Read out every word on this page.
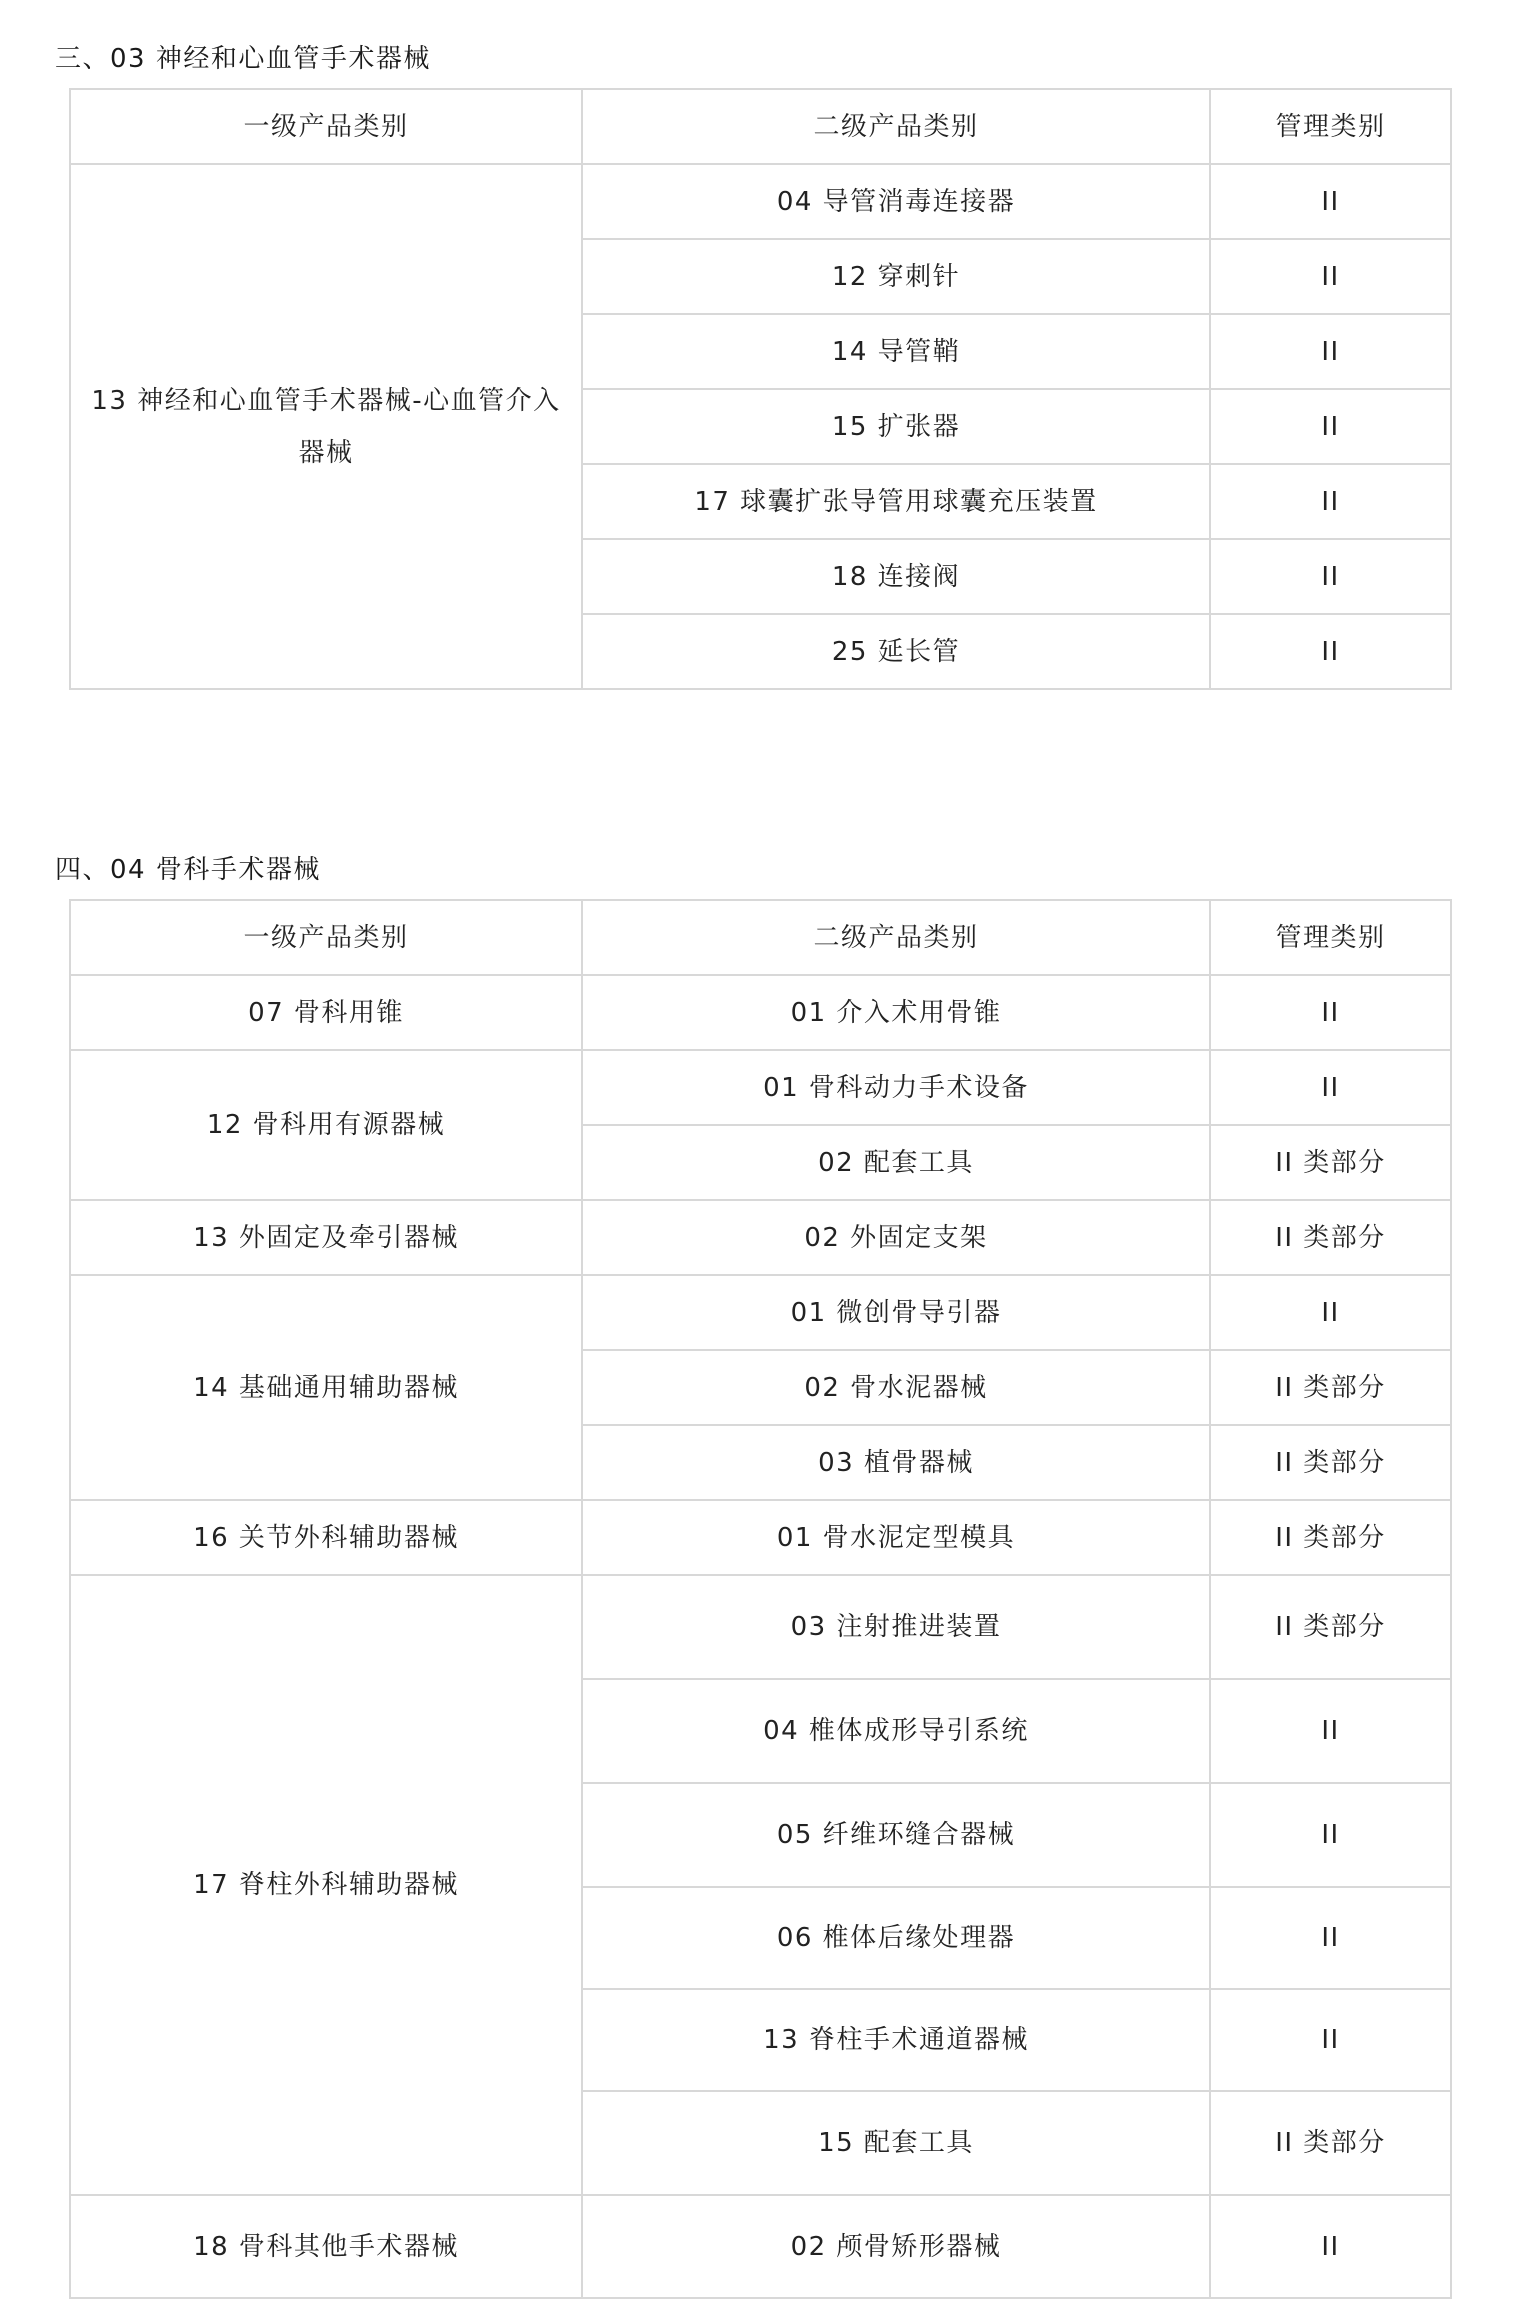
三、03 神经和心血管手术器械
一级产品类别	二级产品类别	管理类别
13 神经和心血管手术器械-心血管介入器械	04 导管消毒连接器	II
	12 穿刺针	II
	14 导管鞘	II
	15 扩张器	II
	17 球囊扩张导管用球囊充压装置	II
	18 连接阀	II
	25 延长管	II
四、04 骨科手术器械
一级产品类别	二级产品类别	管理类别
07 骨科用锥	01 介入术用骨锥	II
12 骨科用有源器械	01 骨科动力手术设备	II
	02 配套工具	II 类部分
13 外固定及牵引器械	02 外固定支架	II 类部分
14 基础通用辅助器械	01 微创骨导引器	II
	02 骨水泥器械	II 类部分
	03 植骨器械	II 类部分
16 关节外科辅助器械	01 骨水泥定型模具	II 类部分
17 脊柱外科辅助器械	03 注射推进装置	II 类部分
	04 椎体成形导引系统	II
	05 纤维环缝合器械	II
	06 椎体后缘处理器	II
	13 脊柱手术通道器械	II
	15 配套工具	II 类部分
18 骨科其他手术器械	02 颅骨矫形器械	II
